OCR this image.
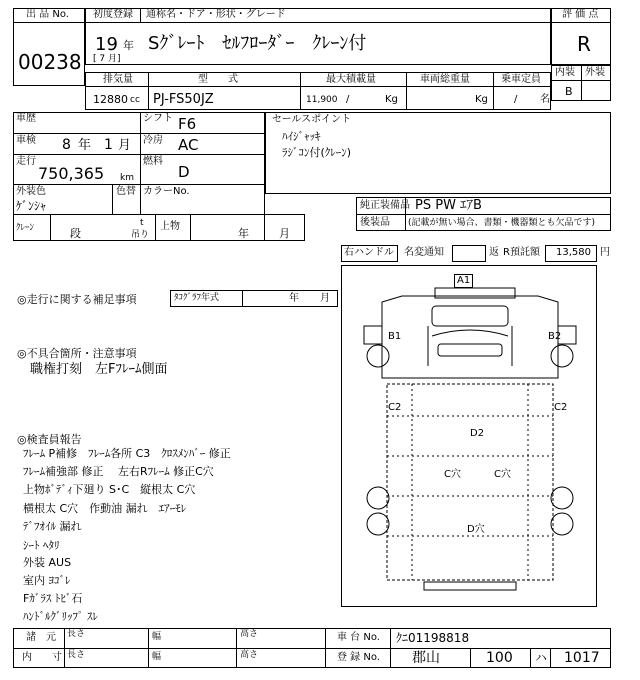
出 品 No.
00238
初度登録 通称名・ドア・形状・グレード
19 年
[ 7 月]
Sｸﾞﾚｰﾄ　ｾﾙﾌﾛｰﾀﾞｰ　ｸﾚｰﾝ付
評 価 点
R
内装 外装
B
排気量	型　　式	最大積載量	車両総重量	乗車定員
12880 cc PJ-FS50JZ	11,900 /	Kg	Kg	/ 名
車歴	シフト F6
車検 8 年 1 月 冷房 AC
走行
750,365 km
燃料
D
外装色
ｹﾞﾝｼｬ
色替 カラーNo.
ｸﾚｰﾝ	段
t
吊り
上物
年	月
セールスポイント
ﾊｲｼﾞｬｯｷ
ﾗｼﾞｺﾝ付(ｸﾚｰﾝ)
純正装備品 PS PW ｴｱB
後装品 (記載が無い場合、書類・機器類とも欠品です)
右ハンドル 名変通知	返 R預託額 13,580 円
◎走行に関する補足事項	ﾀｺｸﾞﾗﾌ年式	年 月
◎不具合箇所・注意事項
職権打刻　左Fﾌﾚｰﾑ側面
◎検査員報告
ﾌﾚｰﾑ P補修　ﾌﾚｰﾑ各所 C3　ｸﾛｽﾒﾝﾊﾞｰ 修正
ﾌﾚｰﾑ補強部 修正　 左右Rﾌﾚｰﾑ 修正C穴
上物ﾎﾞﾃﾞｨ下廻り S･C　縦根太 C穴
横根太 C穴　作動油 漏れ　ｴｱｰﾓﾚ
ﾃﾞﾌｵｲﾙ 漏れ
ｼｰﾄ ﾍﾀﾘ
外装 AUS
室内 ﾖｺﾞﾚ
Fｶﾞﾗｽ ﾄﾋﾞ石
ﾊﾝﾄﾞﾙｸﾞﾘｯﾌﾟ ｽﾚ
A1
B1	B2
C2	C2
D2
C穴	C穴
D穴
諸　元
内　　寸
長さ	幅	高さ
長さ	幅	高さ
車 台 No. ｸﾆ01198818
登 録 No. 郡山	100 ハ 1017
